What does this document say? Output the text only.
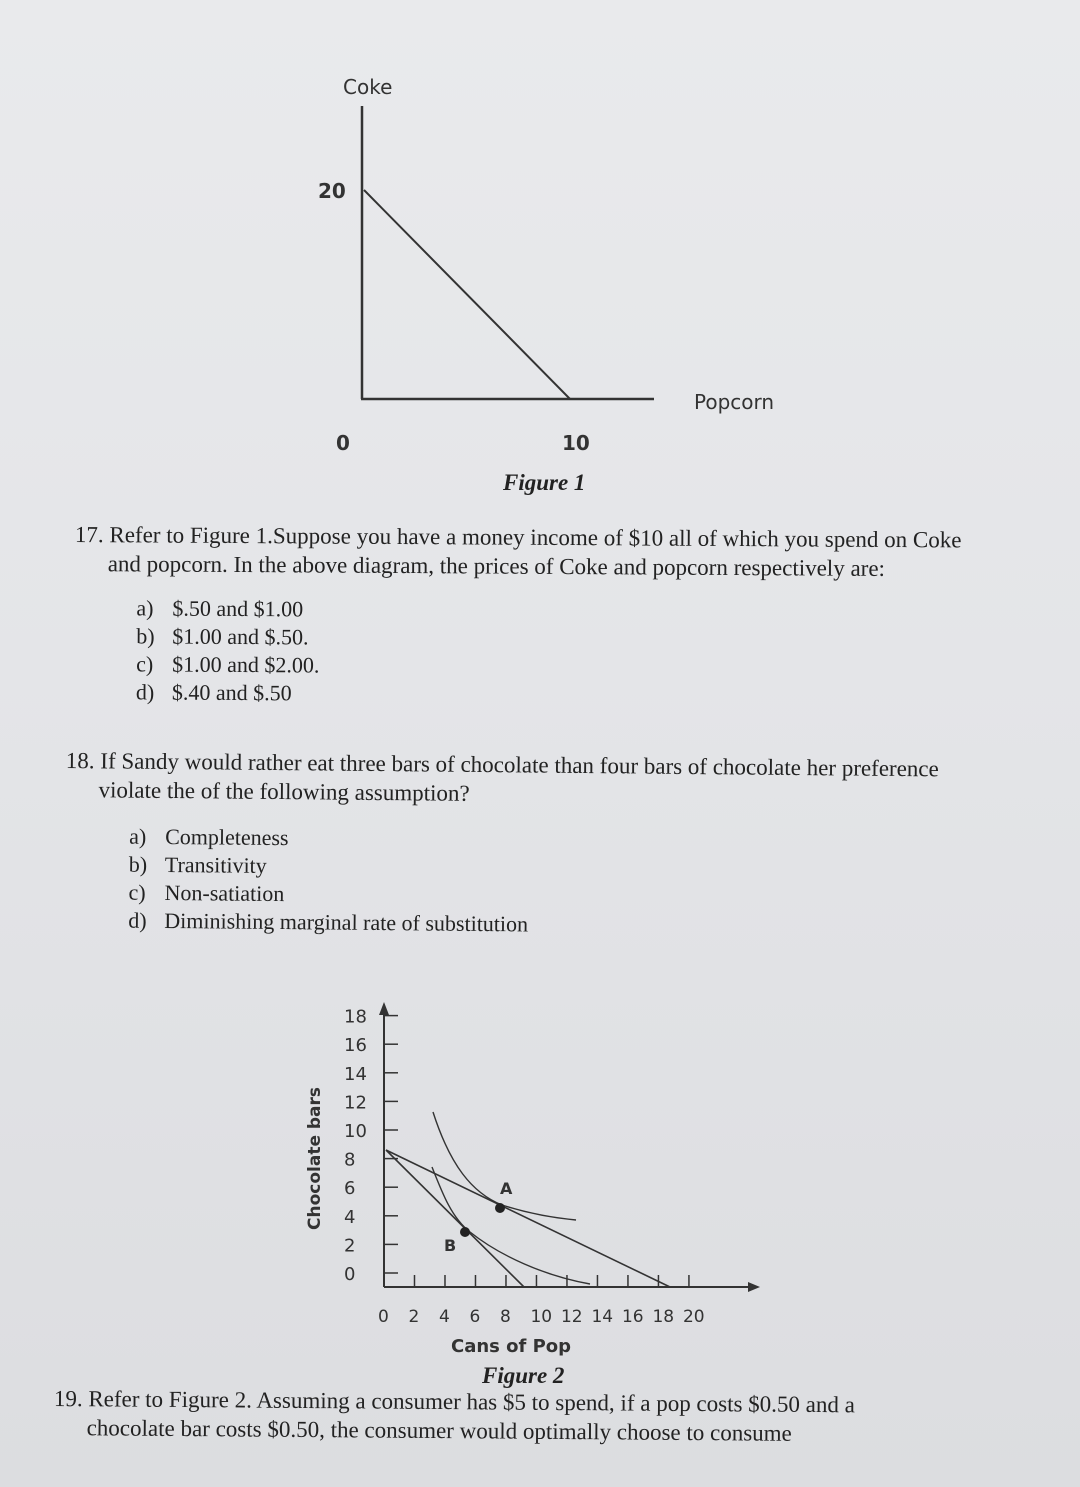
Coke
20
Popcorn
0	10
Figure 1
17. Refer to Figure 1.Suppose you have a money income of $10 all of which you spend on Coke
and popcorn. In the above diagram, the prices of Coke and popcorn respectively are:
a) $.50 and $1.00
b) $1.00 and $.50.
c) $1.00 and $2.00.
d) $.40 and $.50
18. If Sandy would rather eat three bars of chocolate than four bars of chocolate her preference
violate the of the following assumption?
a) Completeness
b) Transitivity
c) Non-satiation
d) Diminishing marginal rate of substitution
18
16
14
12
10
8
6
4
2
0
0 2 4 6 8 10 12 14 16 18 20
A
B
Chocolate bars
Cans of Pop
Figure 2
19. Refer to Figure 2. Assuming a consumer has $5 to spend, if a pop costs $0.50 and a
chocolate bar costs $0.50, the consumer would optimally choose to consume
